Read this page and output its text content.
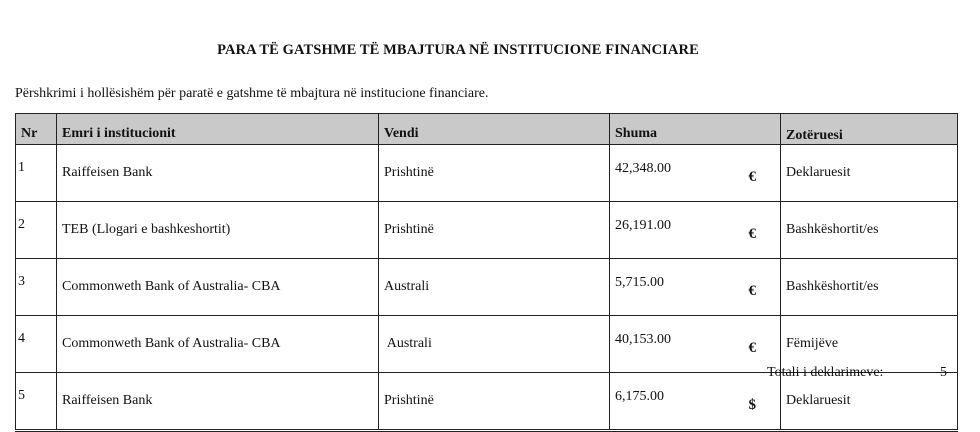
PARA TË GATSHME TË MBAJTURA NË INSTITUCIONE FINANCIARE
Përshkrimi i hollësishëm për paratë e gatshme të mbajtura në institucione financiare.
Nr	Emri i institucionit	Vendi	Shuma	Zotëruesi
1	Raiffeisen Bank	Prishtinë	42,348.00 €	Deklaruesit
2	TEB (Llogari e bashkeshortit)	Prishtinë	26,191.00 €	Bashkëshortit/es
3	Commonweth Bank of Australia- CBA	Australi	5,715.00 €	Bashkëshortit/es
4	Commonweth Bank of Australia- CBA	Australi	40,153.00 €	Fëmijëve
5	Raiffeisen Bank	Prishtinë	6,175.00 $	Deklaruesit
Totali i deklarimeve:	5
